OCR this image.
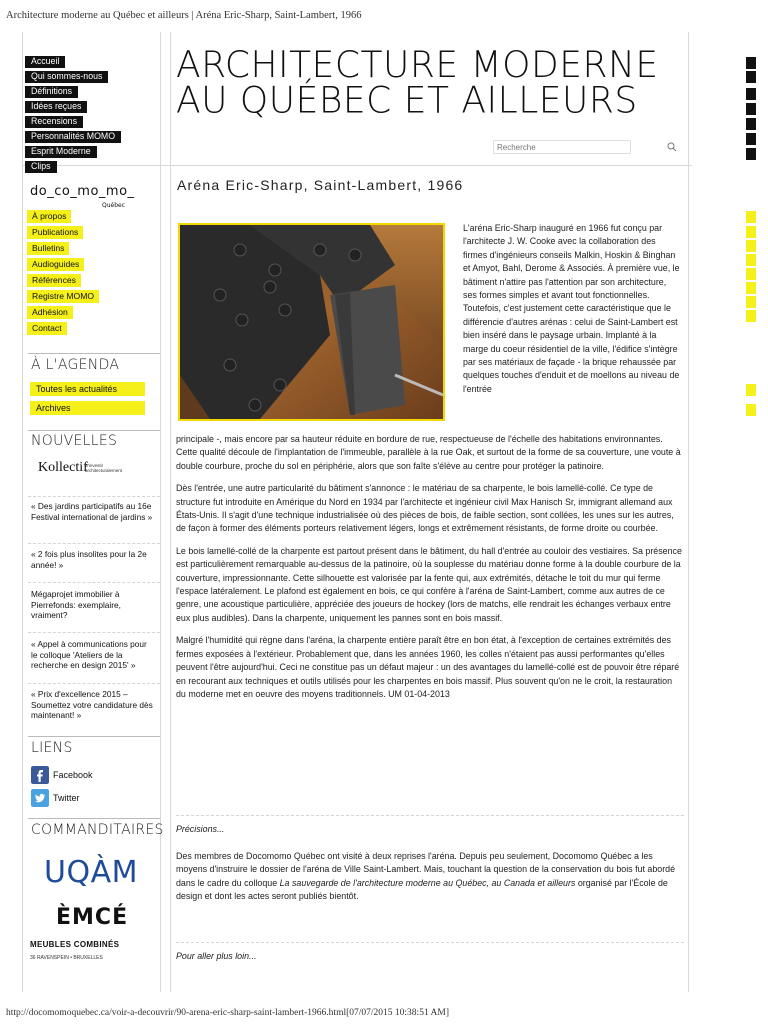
Architecture moderne au Québec et ailleurs | Aréna Eric-Sharp, Saint-Lambert, 1966
http://docomomoquebec.ca/voir-a-decouvrir/90-arena-eric-sharp-saint-lambert-1966.html[07/07/2015 10:38:51 AM]
Accueil
Qui sommes-nous
Définitions
Idées reçues
Recensions
Personnalités MOMO
Esprit Moderne
Clips
ARCHITECTURE MODERNE
AU QUÉBEC ET AILLEURS
Recherche
do_co_mo_mo_
Québec
À propos
Publications
Bulletins
Audioguides
Références
Registre MOMO
Adhésion
Contact
À L'AGENDA
Toutes les actualités
Archives
NOUVELLES
Kollectif
S'investir architecturalement
« Des jardins participatifs au 16e Festival international de jardins »
« 2 fois plus insolites pour la 2e année! »
Mégaprojet immobilier à Pierrefonds: exemplaire, vraiment?
« Appel à communications pour le colloque 'Ateliers de la recherche en design 2015' »
« Prix d'excellence 2015 – Soumettez votre candidature dès maintenant! »
LIENS
Facebook
Twitter
COMMANDITAIRES
UQÀM
ÈMCÉ
MEUBLES COMBINÉS
36 RAVENSPEIN • BRUXELLES
Aréna Eric-Sharp, Saint-Lambert, 1966
L'aréna Eric-Sharp inauguré en 1966 fut conçu par l'architecte J. W. Cooke avec la collaboration des firmes d'ingénieurs conseils Malkin, Hoskin & Binghan et Amyot, Bahl, Derome & Associés. À première vue, le bâtiment n'attire pas l'attention par son architecture, ses formes simples et avant tout fonctionnelles. Toutefois, c'est justement cette caractéristique que le différencie d'autres arénas : celui de Saint-Lambert est bien inséré dans le paysage urbain. Implanté à la marge du coeur résidentiel de la ville, l'édifice s'intègre par ses matériaux de façade - la brique rehaussée par quelques touches d'enduit et de moellons au niveau de l'entrée

principale -, mais encore par sa hauteur réduite en bordure de rue, respectueuse de l'échelle des habitations environnantes. Cette qualité découle de l'implantation de l'immeuble, parallèle à la rue Oak, et surtout de la forme de sa couverture, une voute à double courbure, proche du sol en périphérie, alors que son faîte s'élève au centre pour protéger la patinoire.

Dès l'entrée, une autre particularité du bâtiment s'annonce : le matériau de sa charpente, le bois lamellé-collé. Ce type de structure fut introduite en Amérique du Nord en 1934 par l'architecte et ingénieur civil Max Hanisch Sr, immigrant allemand aux États-Unis. Il s'agit d'une technique industrialisée où des pièces de bois, de faible section, sont collées, les unes sur les autres, de façon à former des éléments porteurs relativement légers, longs et extrêmement résistants, de forme droite ou courbée.

Le bois lamellé-collé de la charpente est partout présent dans le bâtiment, du hall d'entrée au couloir des vestiaires. Sa présence est particulièrement remarquable au-dessus de la patinoire, où la souplesse du matériau donne forme à la double courbure de la couverture, impressionnante. Cette silhouette est valorisée par la fente qui, aux extrémités, détache le toit du mur qui ferme l'espace latéralement. Le plafond est également en bois, ce qui confère à l'aréna de Saint-Lambert, comme aux autres de ce genre, une acoustique particulière, appréciée des joueurs de hockey (lors de matchs, elle rendrait les échanges verbaux entre eux plus audibles). Dans la charpente, uniquement les pannes sont en bois massif.

Malgré l'humidité qui règne dans l'aréna, la charpente entière paraît être en bon état, à l'exception de certaines extrémités des fermes exposées à l'extérieur. Probablement que, dans les années 1960, les colles n'étaient pas aussi performantes qu'elles peuvent l'être aujourd'hui. Ceci ne constitue pas un défaut majeur : un des avantages du lamellé-collé est de pouvoir être réparé en recourant aux techniques et outils utilisés pour les charpentes en bois massif. Plus souvent qu'on ne le croit, la restauration du moderne met en oeuvre des moyens traditionnels. UM 01-04-2013

Précisions...
Des membres de Docomomo Québec ont visité à deux reprises l'aréna. Depuis peu seulement, Docomomo Québec a les moyens d'instruire le dossier de l'aréna de Ville Saint-Lambert. Mais, touchant la question de la conservation du bois fut abordé dans le cadre du colloque La sauvegarde de l'architecture moderne au Québec, au Canada et ailleurs organisé par l'École de design et dont les actes seront publiés bientôt.
Pour aller plus loin...
